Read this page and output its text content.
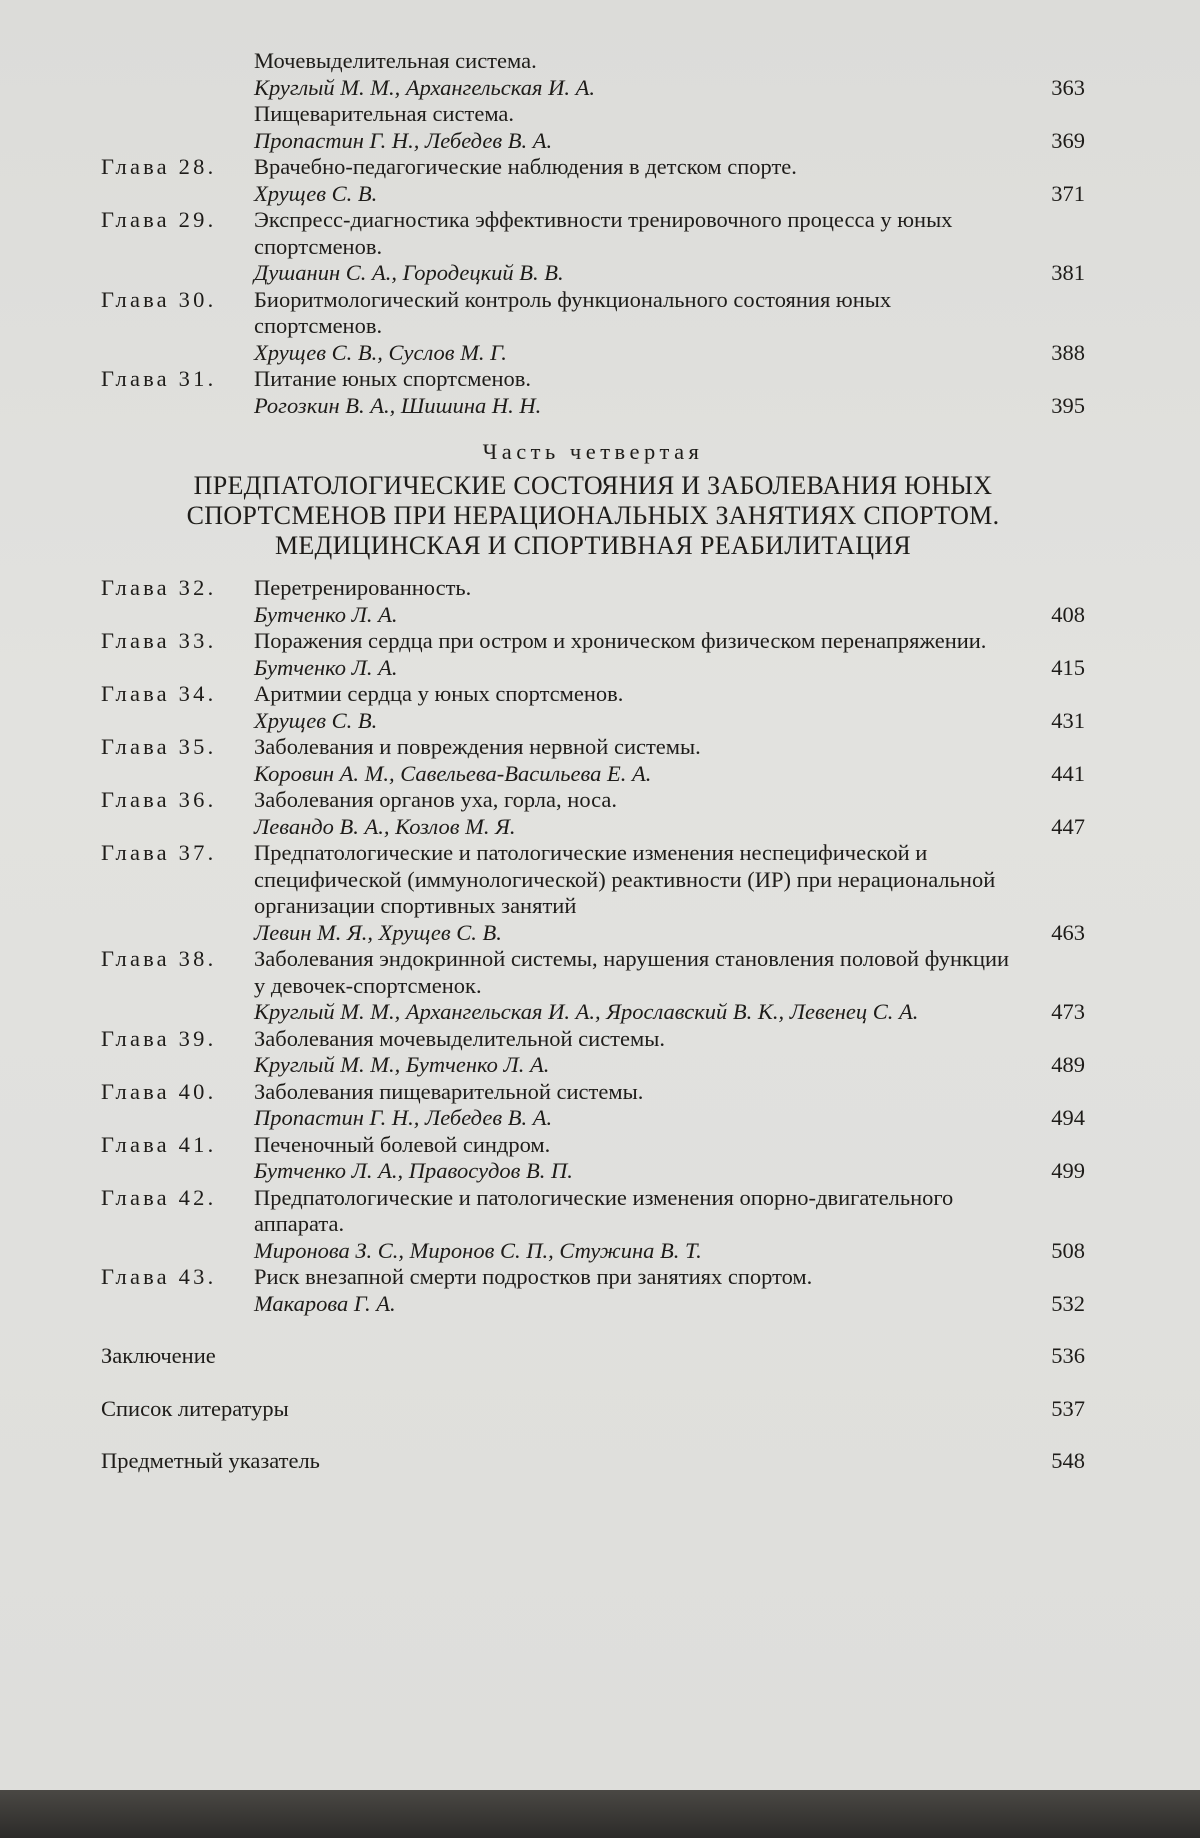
Мочевыделительная система.
Круглый М. М., Архангельская И. А.	363
Пищеварительная система.
Пропастин Г. Н., Лебедев В. А.	369
Глава 28.	Врачебно-педагогические наблюдения в детском спорте.
Хрущев С. В.	371
Глава 29.	Экспресс-диагностика эффективности тренировочного процесса у юных спортсменов.
Душанин С. А., Городецкий В. В.	381
Глава 30.	Биоритмологический контроль функционального состояния юных спортсменов.
Хрущев С. В., Суслов М. Г.	388
Глава 31.	Питание юных спортсменов.
Рогозкин В. А., Шишина Н. Н.	395
Часть четвертая
ПРЕДПАТОЛОГИЧЕСКИЕ СОСТОЯНИЯ И ЗАБОЛЕВАНИЯ ЮНЫХ СПОРТСМЕНОВ ПРИ НЕРАЦИОНАЛЬНЫХ ЗАНЯТИЯХ СПОРТОМ. МЕДИЦИНСКАЯ И СПОРТИВНАЯ РЕАБИЛИТАЦИЯ
Глава 32.	Перетренированность.
Бутченко Л. А.	408
Глава 33.	Поражения сердца при остром и хроническом физическом перенапряжении.
Бутченко Л. А.	415
Глава 34.	Аритмии сердца у юных спортсменов.
Хрущев С. В.	431
Глава 35.	Заболевания и повреждения нервной системы.
Коровин А. М., Савельева-Васильева Е. А.	441
Глава 36.	Заболевания органов уха, горла, носа.
Левандо В. А., Козлов М. Я.	447
Глава 37.	Предпатологические и патологические изменения неспецифической и специфической (иммунологической) реактивности (ИР) при нерациональной организации спортивных занятий
Левин М. Я., Хрущев С. В.	463
Глава 38.	Заболевания эндокринной системы, нарушения становления половой функции у девочек-спортсменок.
Круглый М. М., Архангельская И. А., Ярославский В. К., Левенец С. А.	473
Глава 39.	Заболевания мочевыделительной системы.
Круглый М. М., Бутченко Л. А.	489
Глава 40.	Заболевания пищеварительной системы.
Пропастин Г. Н., Лебедев В. А.	494
Глава 41.	Печеночный болевой синдром.
Бутченко Л. А., Правосудов В. П.	499
Глава 42.	Предпатологические и патологические изменения опорно-двигательного аппарата.
Миронова З. С., Миронов С. П., Стужина В. Т.	508
Глава 43.	Риск внезапной смерти подростков при занятиях спортом.
Макарова Г. А.	532
Заключение	536
Список литературы	537
Предметный указатель	548
